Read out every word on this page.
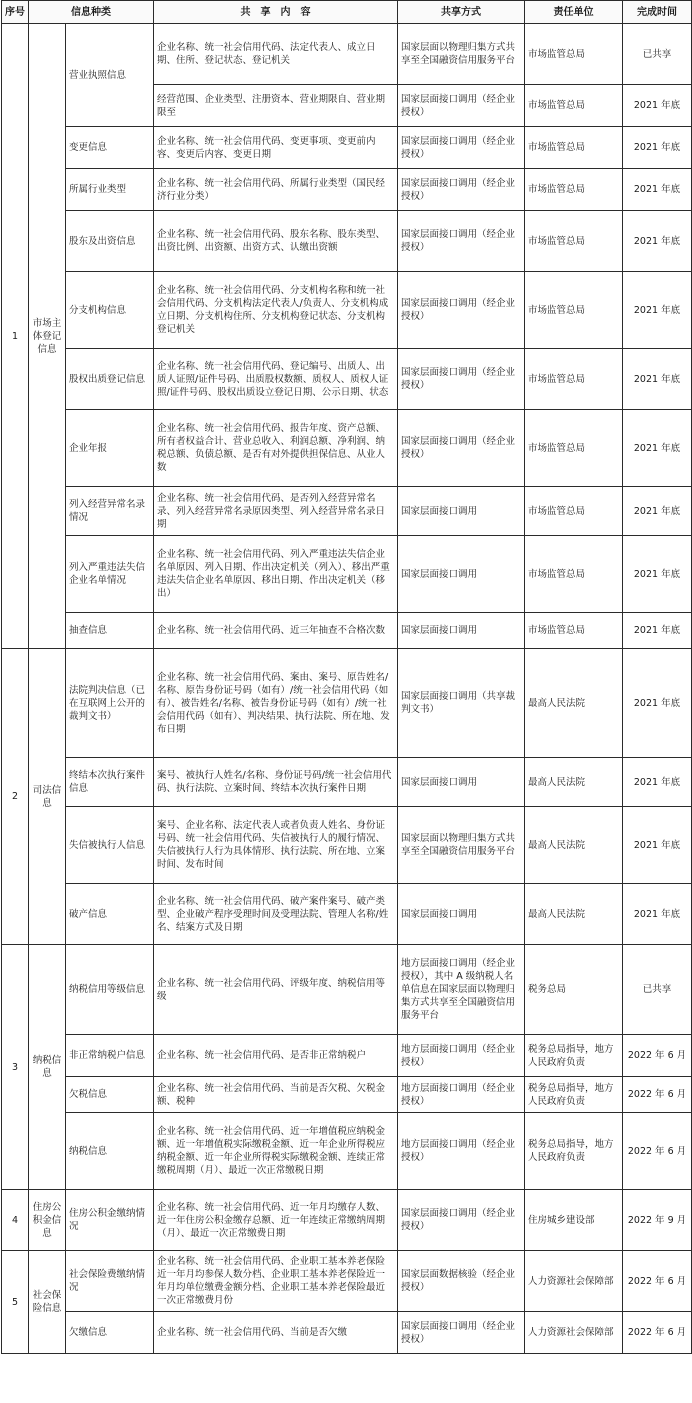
序号	信息种类		共　享　内　容	共享方式	责任单位	完成时间
1	市场主体登记信息	营业执照信息	企业名称、统一社会信用代码、法定代表人、成立日期、住所、登记状态、登记机关	国家层面以物理归集方式共享至全国融资信用服务平台	市场监管总局	已共享
			经营范围、企业类型、注册资本、营业期限自、营业期限至	国家层面接口调用（经企业授权）	市场监管总局	2021 年底
		变更信息	企业名称、统一社会信用代码、变更事项、变更前内容、变更后内容、变更日期	国家层面接口调用（经企业授权）	市场监管总局	2021 年底
		所属行业类型	企业名称、统一社会信用代码、所属行业类型（国民经济行业分类）	国家层面接口调用（经企业授权）	市场监管总局	2021 年底
		股东及出资信息	企业名称、统一社会信用代码、股东名称、股东类型、出资比例、出资额、出资方式、认缴出资额	国家层面接口调用（经企业授权）	市场监管总局	2021 年底
		分支机构信息	企业名称、统一社会信用代码、分支机构名称和统一社会信用代码、分支机构法定代表人/负责人、分支机构成立日期、分支机构住所、分支机构登记状态、分支机构登记机关	国家层面接口调用（经企业授权）	市场监管总局	2021 年底
		股权出质登记信息	企业名称、统一社会信用代码、登记编号、出质人、出质人证照/证件号码、出质股权数额、质权人、质权人证照/证件号码、股权出质设立登记日期、公示日期、状态	国家层面接口调用（经企业授权）	市场监管总局	2021 年底
		企业年报	企业名称、统一社会信用代码、报告年度、资产总额、所有者权益合计、营业总收入、利润总额、净利润、纳税总额、负债总额、是否有对外提供担保信息、从业人数	国家层面接口调用（经企业授权）	市场监管总局	2021 年底
		列入经营异常名录情况	企业名称、统一社会信用代码、是否列入经营异常名录、列入经营异常名录原因类型、列入经营异常名录日期	国家层面接口调用	市场监管总局	2021 年底
		列入严重违法失信企业名单情况	企业名称、统一社会信用代码、列入严重违法失信企业名单原因、列入日期、作出决定机关（列入）、移出严重违法失信企业名单原因、移出日期、作出决定机关（移出）	国家层面接口调用	市场监管总局	2021 年底
		抽查信息	企业名称、统一社会信用代码、近三年抽查不合格次数	国家层面接口调用	市场监管总局	2021 年底
2	司法信息	法院判决信息（已在互联网上公开的裁判文书）	企业名称、统一社会信用代码、案由、案号、原告姓名/名称、原告身份证号码（如有）/统一社会信用代码（如有）、被告姓名/名称、被告身份证号码（如有）/统一社会信用代码（如有）、判决结果、执行法院、所在地、发布日期	国家层面接口调用（共享裁判文书）	最高人民法院	2021 年底
		终结本次执行案件信息	案号、被执行人姓名/名称、身份证号码/统一社会信用代码、执行法院、立案时间、终结本次执行案件日期	国家层面接口调用	最高人民法院	2021 年底
		失信被执行人信息	案号、企业名称、法定代表人或者负责人姓名、身份证号码、统一社会信用代码、失信被执行人的履行情况、失信被执行人行为具体情形、执行法院、所在地、立案时间、发布时间	国家层面以物理归集方式共享至全国融资信用服务平台	最高人民法院	2021 年底
		破产信息	企业名称、统一社会信用代码、破产案件案号、破产类型、企业破产程序受理时间及受理法院、管理人名称/姓名、结案方式及日期	国家层面接口调用	最高人民法院	2021 年底
3	纳税信息	纳税信用等级信息	企业名称、统一社会信用代码、评级年度、纳税信用等级	地方层面接口调用（经企业授权），其中 A 级纳税人名单信息在国家层面以物理归集方式共享至全国融资信用服务平台	税务总局	已共享
		非正常纳税户信息	企业名称、统一社会信用代码、是否非正常纳税户	地方层面接口调用（经企业授权）	税务总局指导，地方人民政府负责	2022 年 6 月
		欠税信息	企业名称、统一社会信用代码、当前是否欠税、欠税金额、税种	地方层面接口调用（经企业授权）	税务总局指导，地方人民政府负责	2022 年 6 月
		纳税信息	企业名称、统一社会信用代码、近一年增值税应纳税金额、近一年增值税实际缴税金额、近一年企业所得税应纳税金额、近一年企业所得税实际缴税金额、连续正常缴税周期（月）、最近一次正常缴税日期	地方层面接口调用（经企业授权）	税务总局指导，地方人民政府负责	2022 年 6 月
4	住房公积金信息	住房公积金缴纳情况	企业名称、统一社会信用代码、近一年月均缴存人数、近一年住房公积金缴存总额、近一年连续正常缴纳周期（月）、最近一次正常缴费日期	国家层面接口调用（经企业授权）	住房城乡建设部	2022 年 9 月
5	社会保险信息	社会保险费缴纳情况	企业名称、统一社会信用代码、企业职工基本养老保险近一年月均参保人数分档、企业职工基本养老保险近一年月均单位缴费金额分档、企业职工基本养老保险最近一次正常缴费月份	国家层面数据核验（经企业授权）	人力资源社会保障部	2022 年 6 月
		欠缴信息	企业名称、统一社会信用代码、当前是否欠缴	国家层面接口调用（经企业授权）	人力资源社会保障部	2022 年 6 月
